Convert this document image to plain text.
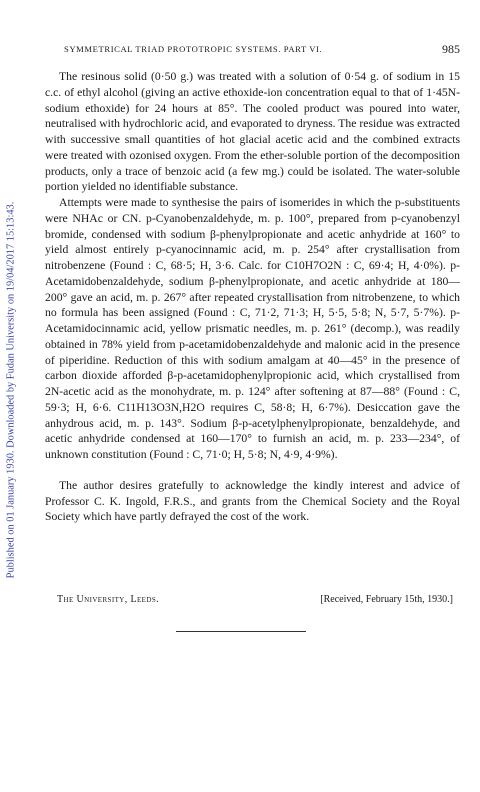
SYMMETRICAL TRIAD PROTOTROPIC SYSTEMS. PART VI.	985
Published on 01 January 1930. Downloaded by Fudan University on 19/04/2017 15:13:43.

The resinous solid (0·50 g.) was treated with a solution of 0·54 g. of sodium in 15 c.c. of ethyl alcohol (giving an active ethoxide-ion concentration equal to that of 1·45N-sodium ethoxide) for 24 hours at 85°. The cooled product was poured into water, neutralised with hydrochloric acid, and evaporated to dryness. The residue was extracted with successive small quantities of hot glacial acetic acid and the combined extracts were treated with ozonised oxygen. From the ether-soluble portion of the decomposition products, only a trace of benzoic acid (a few mg.) could be isolated. The water-soluble portion yielded no identifiable substance.

Attempts were made to synthesise the pairs of isomerides in which the p-substituents were NHAc or CN. p-Cyanobenzaldehyde, m. p. 100°, prepared from p-cyanobenzyl bromide, condensed with sodium β-phenylpropionate and acetic anhydride at 160° to yield almost entirely p-cyanocinnamic acid, m. p. 254° after crystallisation from nitrobenzene (Found : C, 68·5; H, 3·6. Calc. for C10H7O2N : C, 69·4; H, 4·0%). p-Acetamidobenzaldehyde, sodium β-phenylpropionate, and acetic anhydride at 180—200° gave an acid, m. p. 267° after repeated crystallisation from nitrobenzene, to which no formula has been assigned (Found : C, 71·2, 71·3; H, 5·5, 5·8; N, 5·7, 5·7%). p-Acetamidocinnamic acid, yellow prismatic needles, m. p. 261° (decomp.), was readily obtained in 78% yield from p-acetamidobenzaldehyde and malonic acid in the presence of piperidine. Reduction of this with sodium amalgam at 40—45° in the presence of carbon dioxide afforded β-p-acetamidophenylpropionic acid, which crystallised from 2N-acetic acid as the monohydrate, m. p. 124° after softening at 87—88° (Found : C, 59·3; H, 6·6. C11H13O3N,H2O requires C, 58·8; H, 6·7%). Desiccation gave the anhydrous acid, m. p. 143°. Sodium β-p-acetylphenylpropionate, benzaldehyde, and acetic anhydride condensed at 160—170° to furnish an acid, m. p. 233—234°, of unknown constitution (Found : C, 71·0; H, 5·8; N, 4·9, 4·9%).

The author desires gratefully to acknowledge the kindly interest and advice of Professor C. K. Ingold, F.R.S., and grants from the Chemical Society and the Royal Society which have partly defrayed the cost of the work.

The University, Leeds.	[Received, February 15th, 1930.]
